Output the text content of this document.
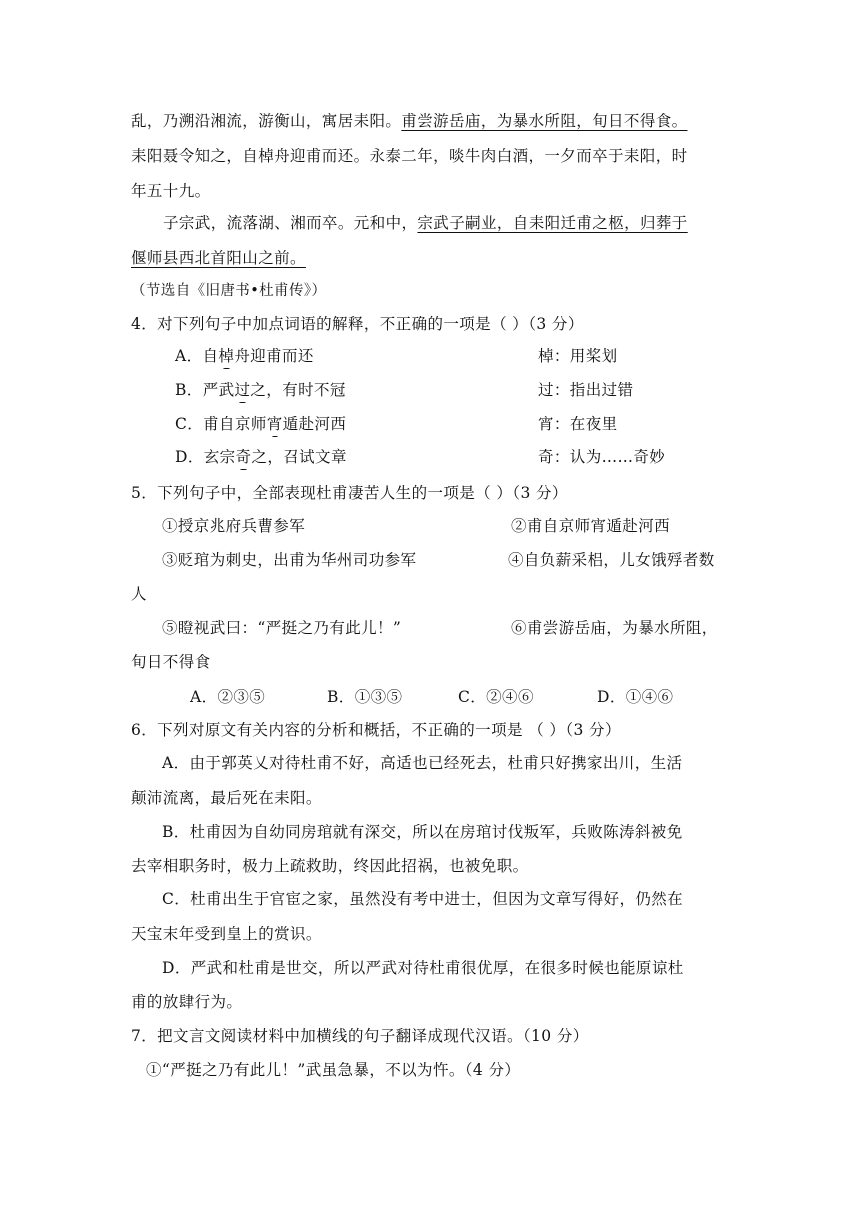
乱，乃溯沿湘流，游衡山，寓居耒阳。甫尝游岳庙，为暴水所阻，旬日不得食。
耒阳聂令知之，自棹舟迎甫而还。永泰二年，啖牛肉白酒，一夕而卒于耒阳，时
年五十九。
子宗武，流落湖、湘而卒。元和中，宗武子嗣业，自耒阳迁甫之柩，归葬于
偃师县西北首阳山之前。
（节选自《旧唐书•杜甫传》）
4．对下列句子中加点词语的解释，不正确的一项是（ ）（3 分）
A．自棹舟迎甫而还	棹：用桨划
B．严武过之，有时不冠	过：指出过错
C．甫自京师宵遁赴河西	宵：在夜里
D．玄宗奇之，召试文章	奇：认为……奇妙
5．下列句子中，全部表现杜甫凄苦人生的一项是（ ）（3 分）
①授京兆府兵曹参军	②甫自京师宵遁赴河西
③贬琯为刺史，出甫为华州司功参军	④自负薪采梠，儿女饿殍者数
人
⑤瞪视武曰：“严挺之乃有此儿！”	⑥甫尝游岳庙，为暴水所阻，
旬日不得食
A．②③⑤	B．①③⑤	C．②④⑥	D．①④⑥
6．下列对原文有关内容的分析和概括，不正确的一项是 （ ）（3 分）
A．由于郭英乂对待杜甫不好，高适也已经死去，杜甫只好携家出川，生活
颠沛流离，最后死在耒阳。
B．杜甫因为自幼同房琯就有深交，所以在房琯讨伐叛军，兵败陈涛斜被免
去宰相职务时，极力上疏救助，终因此招祸，也被免职。
C．杜甫出生于官宦之家，虽然没有考中进士，但因为文章写得好，仍然在
天宝末年受到皇上的赏识。
D．严武和杜甫是世交，所以严武对待杜甫很优厚，在很多时候也能原谅杜
甫的放肆行为。
7．把文言文阅读材料中加横线的句子翻译成现代汉语。（10 分）
①“严挺之乃有此儿！”武虽急暴，不以为忤。（4 分）
